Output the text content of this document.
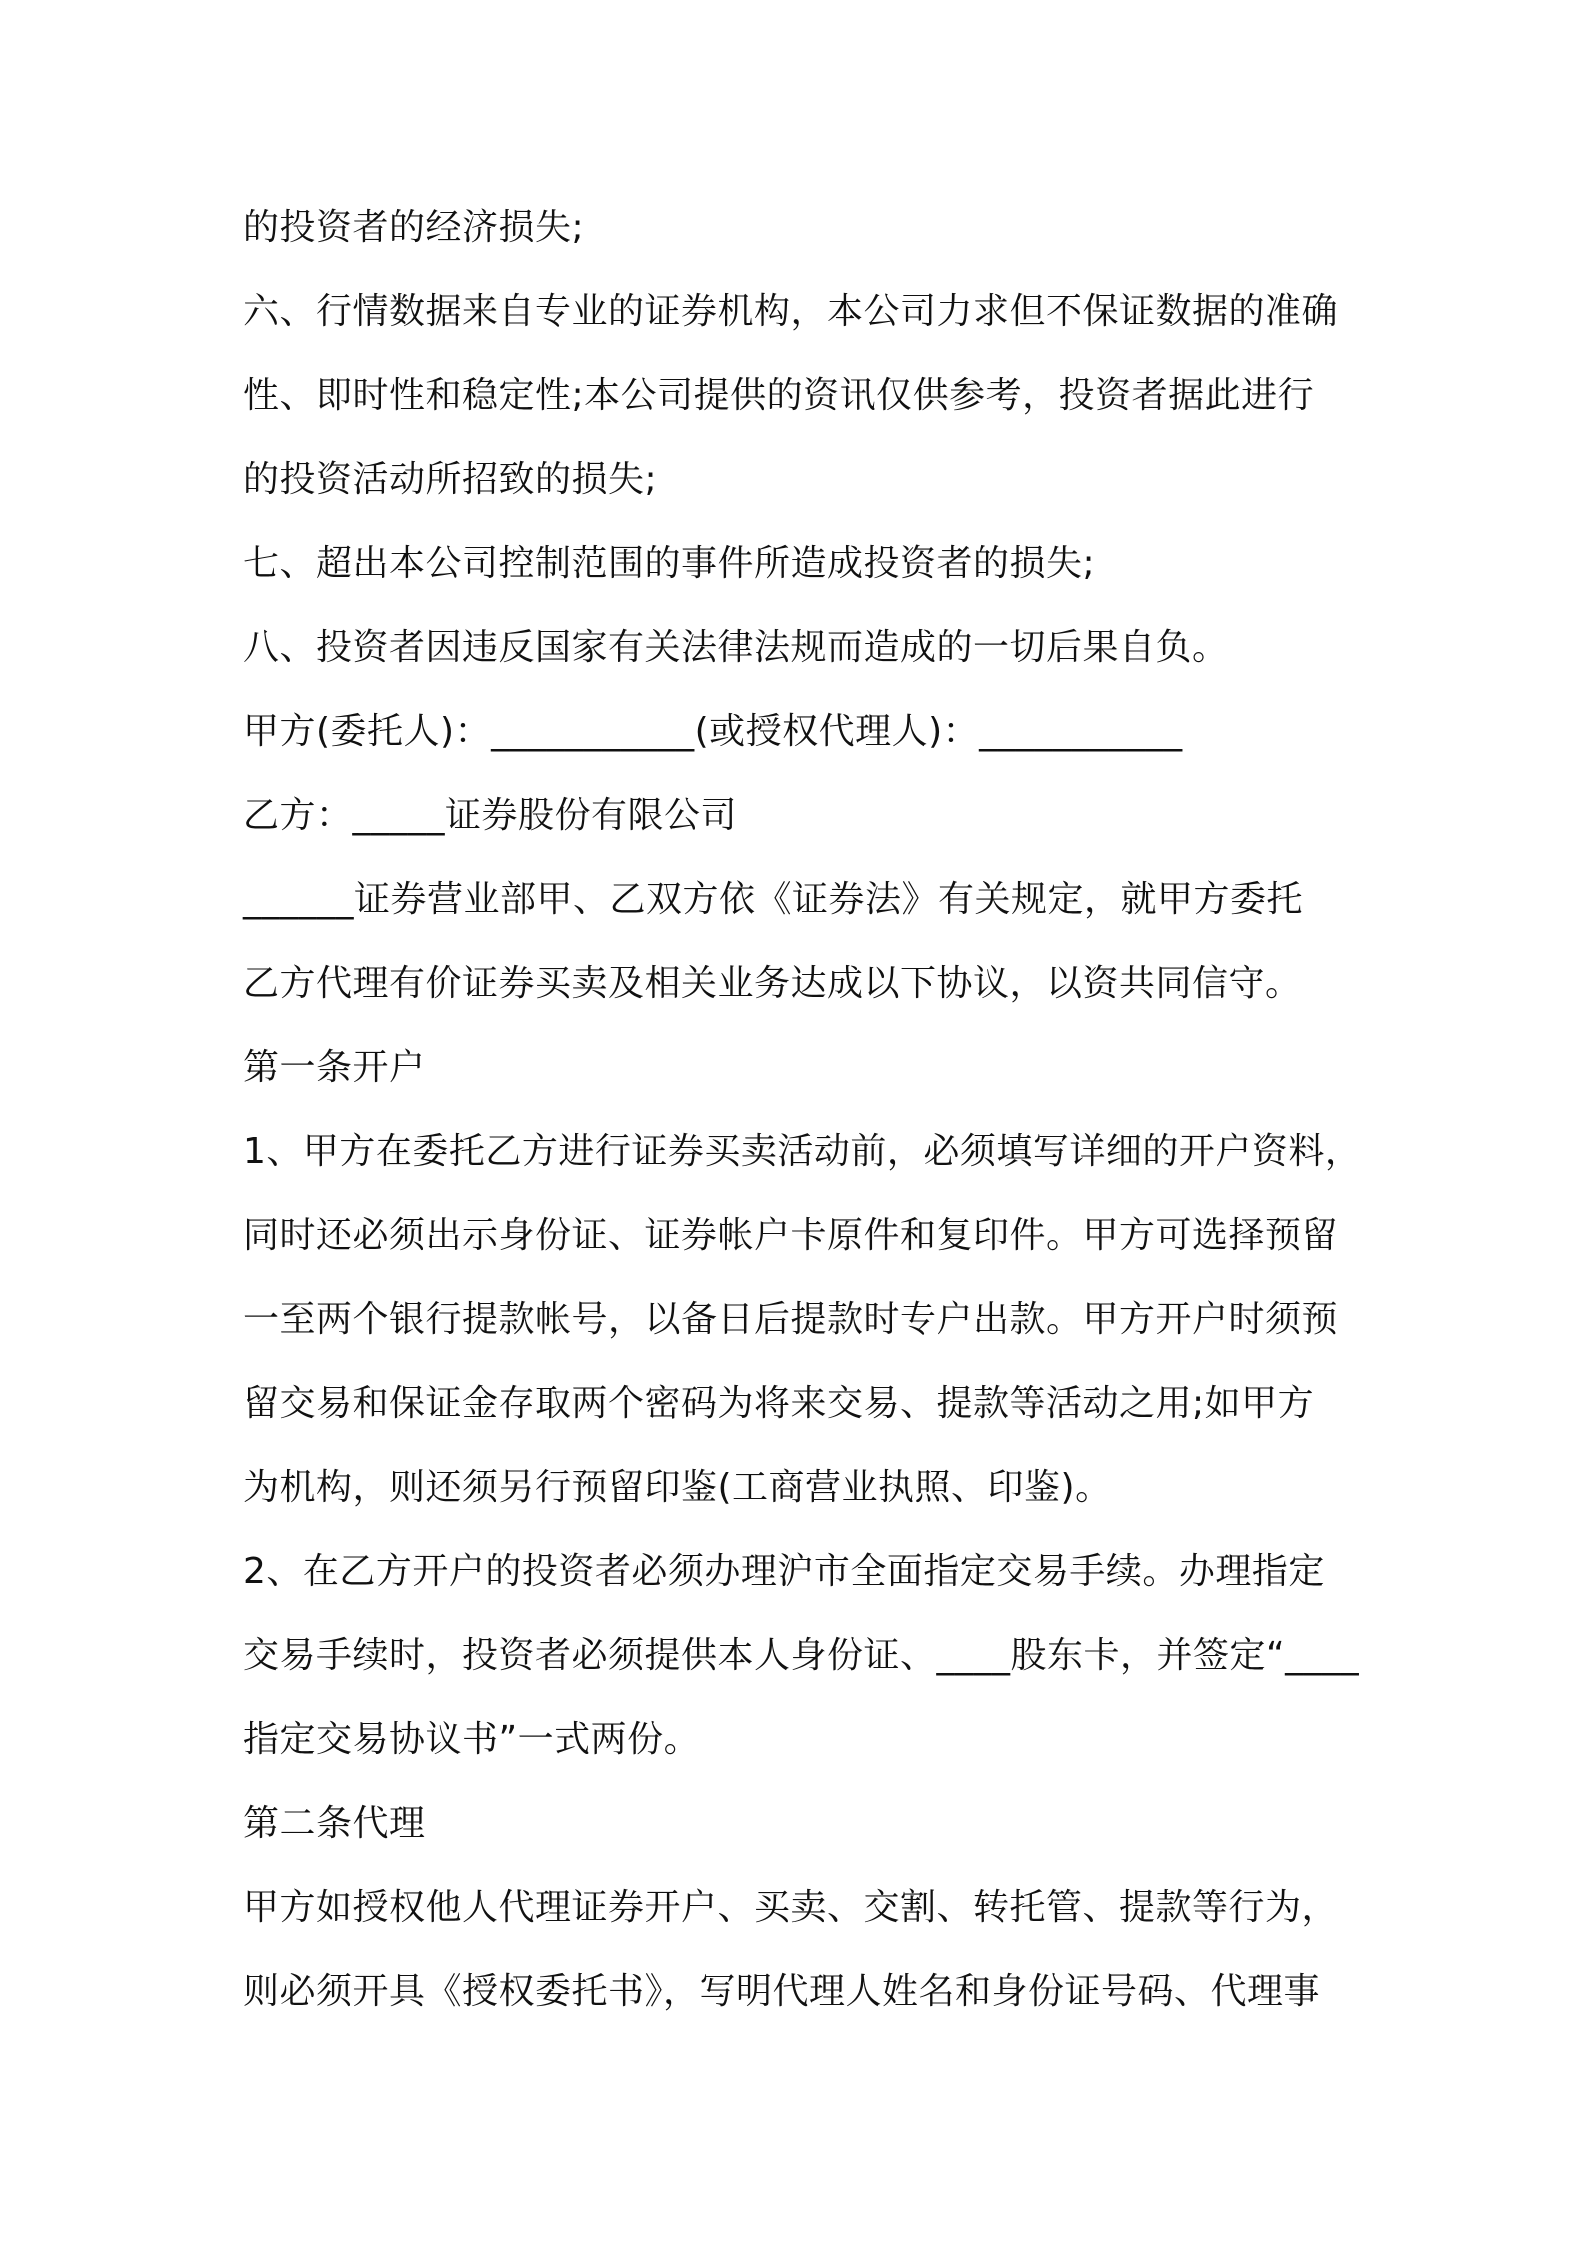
的投资者的经济损失;

六、行情数据来自专业的证券机构，本公司力求但不保证数据的准确

性、即时性和稳定性;本公司提供的资讯仅供参考，投资者据此进行

的投资活动所招致的损失;

七、超出本公司控制范围的事件所造成投资者的损失;

八、投资者因违反国家有关法律法规而造成的一切后果自负。

甲方(委托人)：___________(或授权代理人)：___________

乙方：_____证券股份有限公司

______证券营业部甲、乙双方依《证券法》有关规定，就甲方委托

乙方代理有价证券买卖及相关业务达成以下协议，以资共同信守。

第一条开户

1、甲方在委托乙方进行证券买卖活动前，必须填写详细的开户资料，

同时还必须出示身份证、证券帐户卡原件和复印件。甲方可选择预留

一至两个银行提款帐号，以备日后提款时专户出款。甲方开户时须预

留交易和保证金存取两个密码为将来交易、提款等活动之用;如甲方

为机构，则还须另行预留印鉴(工商营业执照、印鉴)。

2、在乙方开户的投资者必须办理沪市全面指定交易手续。办理指定

交易手续时，投资者必须提供本人身份证、____股东卡，并签定“____

指定交易协议书”一式两份。

第二条代理

甲方如授权他人代理证券开户、买卖、交割、转托管、提款等行为，

则必须开具《授权委托书》，写明代理人姓名和身份证号码、代理事
